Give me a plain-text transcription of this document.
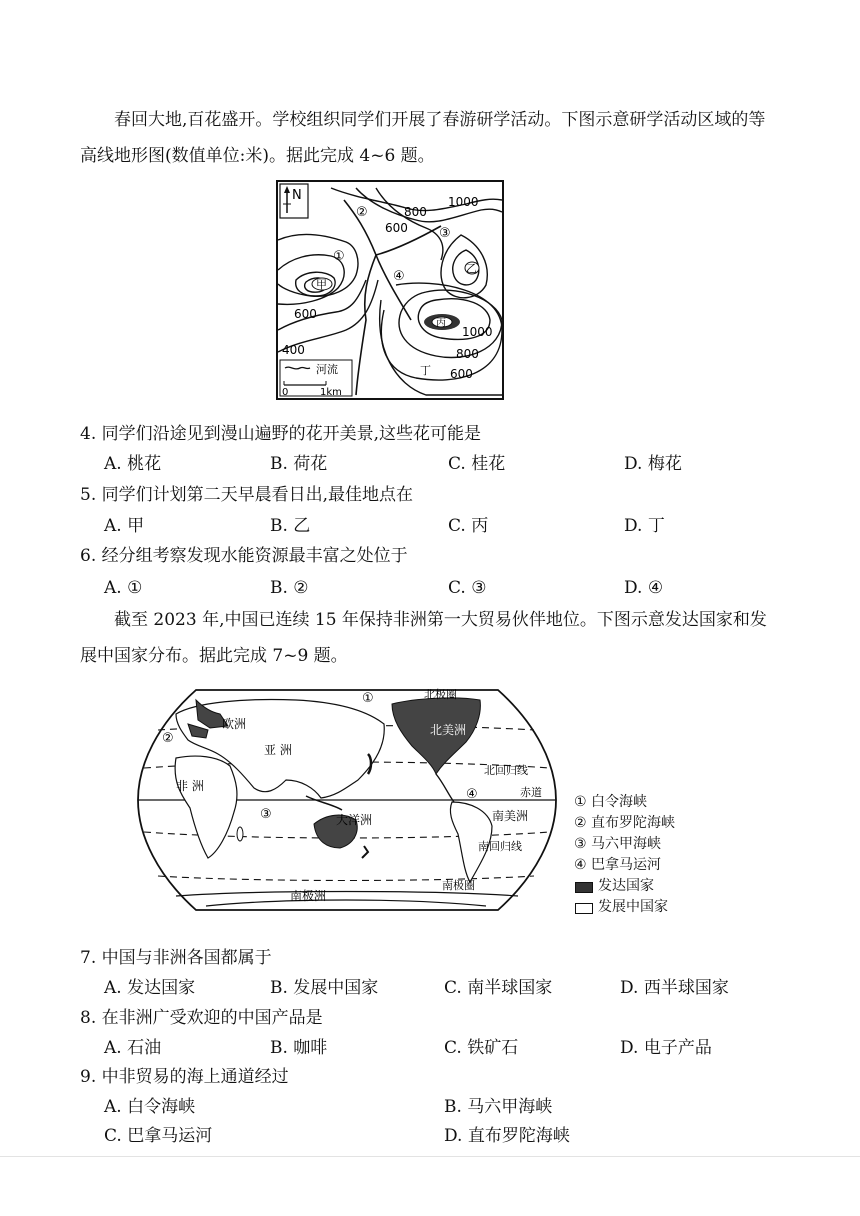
春回大地,百花盛开。学校组织同学们开展了春游研学活动。下图示意研学活动区域的等高线地形图(数值单位:米)。据此完成 4~6 题。
N	1000
800
600
600
400
1000
800
600
①
②
③
④
甲
乙
丙
丁
河流
0	1km
4. 同学们沿途见到漫山遍野的花开美景,这些花可能是
A. 桃花	B. 荷花	C. 桂花	D. 梅花
5. 同学们计划第二天早晨看日出,最佳地点在
A. 甲	B. 乙	C. 丙	D. 丁
6. 经分组考察发现水能资源最丰富之处位于
A. ①	B. ②	C. ③	D. ④
截至 2023 年,中国已连续 15 年保持非洲第一大贸易伙伴地位。下图示意发达国家和发展中国家分布。据此完成 7~9 题。
北极圈
欧洲
亚 洲
北美洲
北回归线
非 洲	赤道
大洋洲	南美洲
南回归线
南极圈
南极洲
①
②
③
④	① 白令海峡
② 直布罗陀海峡
③ 马六甲海峡
④ 巴拿马运河
发达国家
发展中国家
7. 中国与非洲各国都属于
A. 发达国家	B. 发展中国家	C. 南半球国家	D. 西半球国家
8. 在非洲广受欢迎的中国产品是
A. 石油	B. 咖啡	C. 铁矿石	D. 电子产品
9. 中非贸易的海上通道经过
A. 白令海峡	B. 马六甲海峡
C. 巴拿马运河	D. 直布罗陀海峡
